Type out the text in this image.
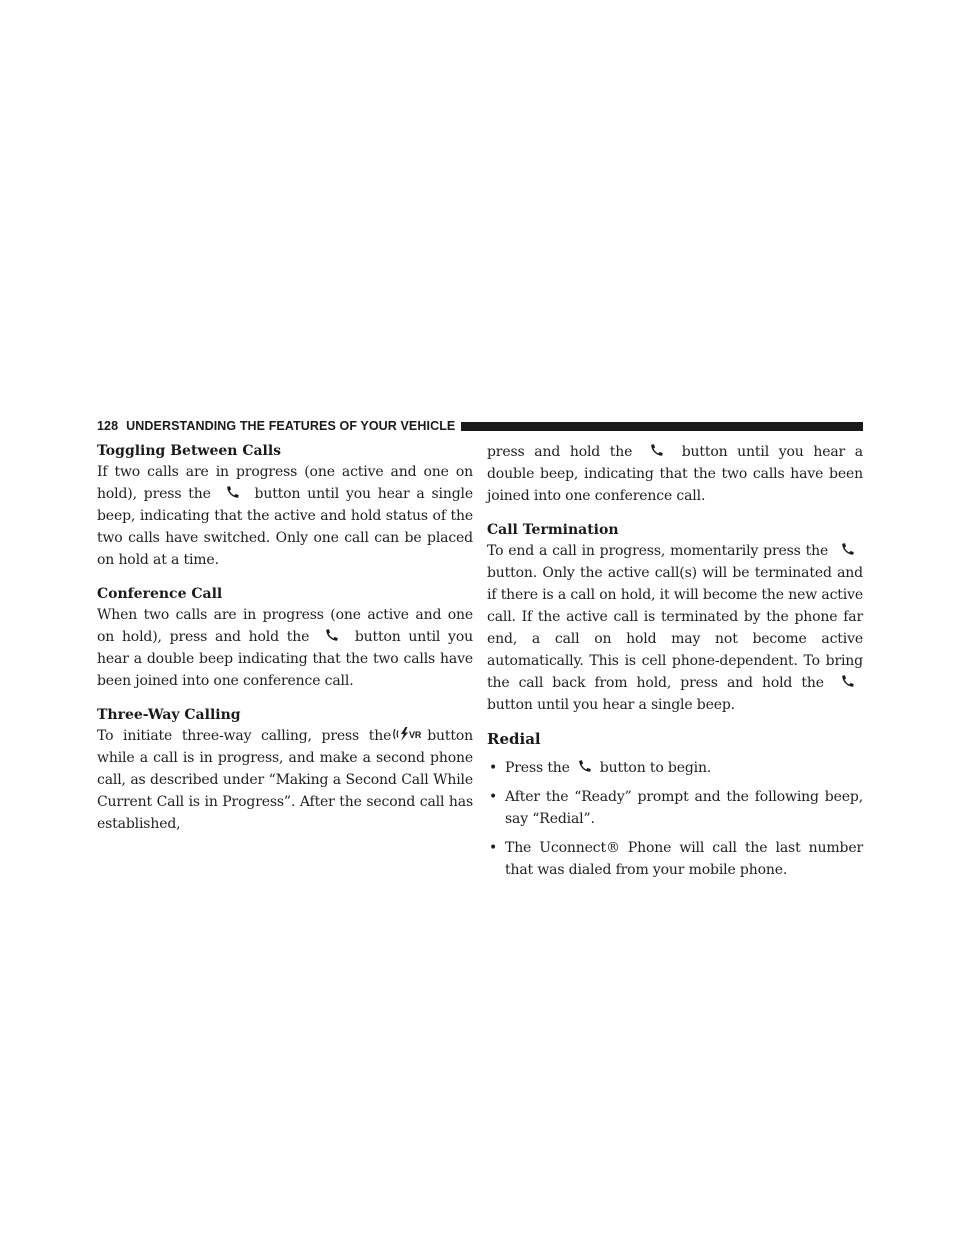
128 UNDERSTANDING THE FEATURES OF YOUR VEHICLE
Toggling Between Calls

If two calls are in progress (one active and one on hold), press the	button until you hear a single beep, indicating that the active and hold status of the two calls have switched. Only one call can be placed on hold at a time.

Conference Call

When two calls are in progress (one active and one on hold), press and hold the	button until you hear a double beep indicating that the two calls have been joined into one conference call.

Three-Way Calling

To initiate three-way calling, press the VR button while a call is in progress, and make a second phone call, as described under “Making a Second Call While Current Call is in Progress”. After the second call has established,

press and hold the	button until you hear a double beep, indicating that the two calls have been joined into one conference call.

Call Termination

To end a call in progress, momentarily press the  button. Only the active call(s) will be terminated and if there is a call on hold, it will become the new active call. If the active call is terminated by the phone far end, a call on hold may not become active automatically. This is cell phone-dependent. To bring the call back from hold, press and hold the  button until you hear a single beep.

Redial
• Press the button to begin.
• After the “Ready” prompt and the following beep, say “Redial”.
• The Uconnect® Phone will call the last number that was dialed from your mobile phone.
